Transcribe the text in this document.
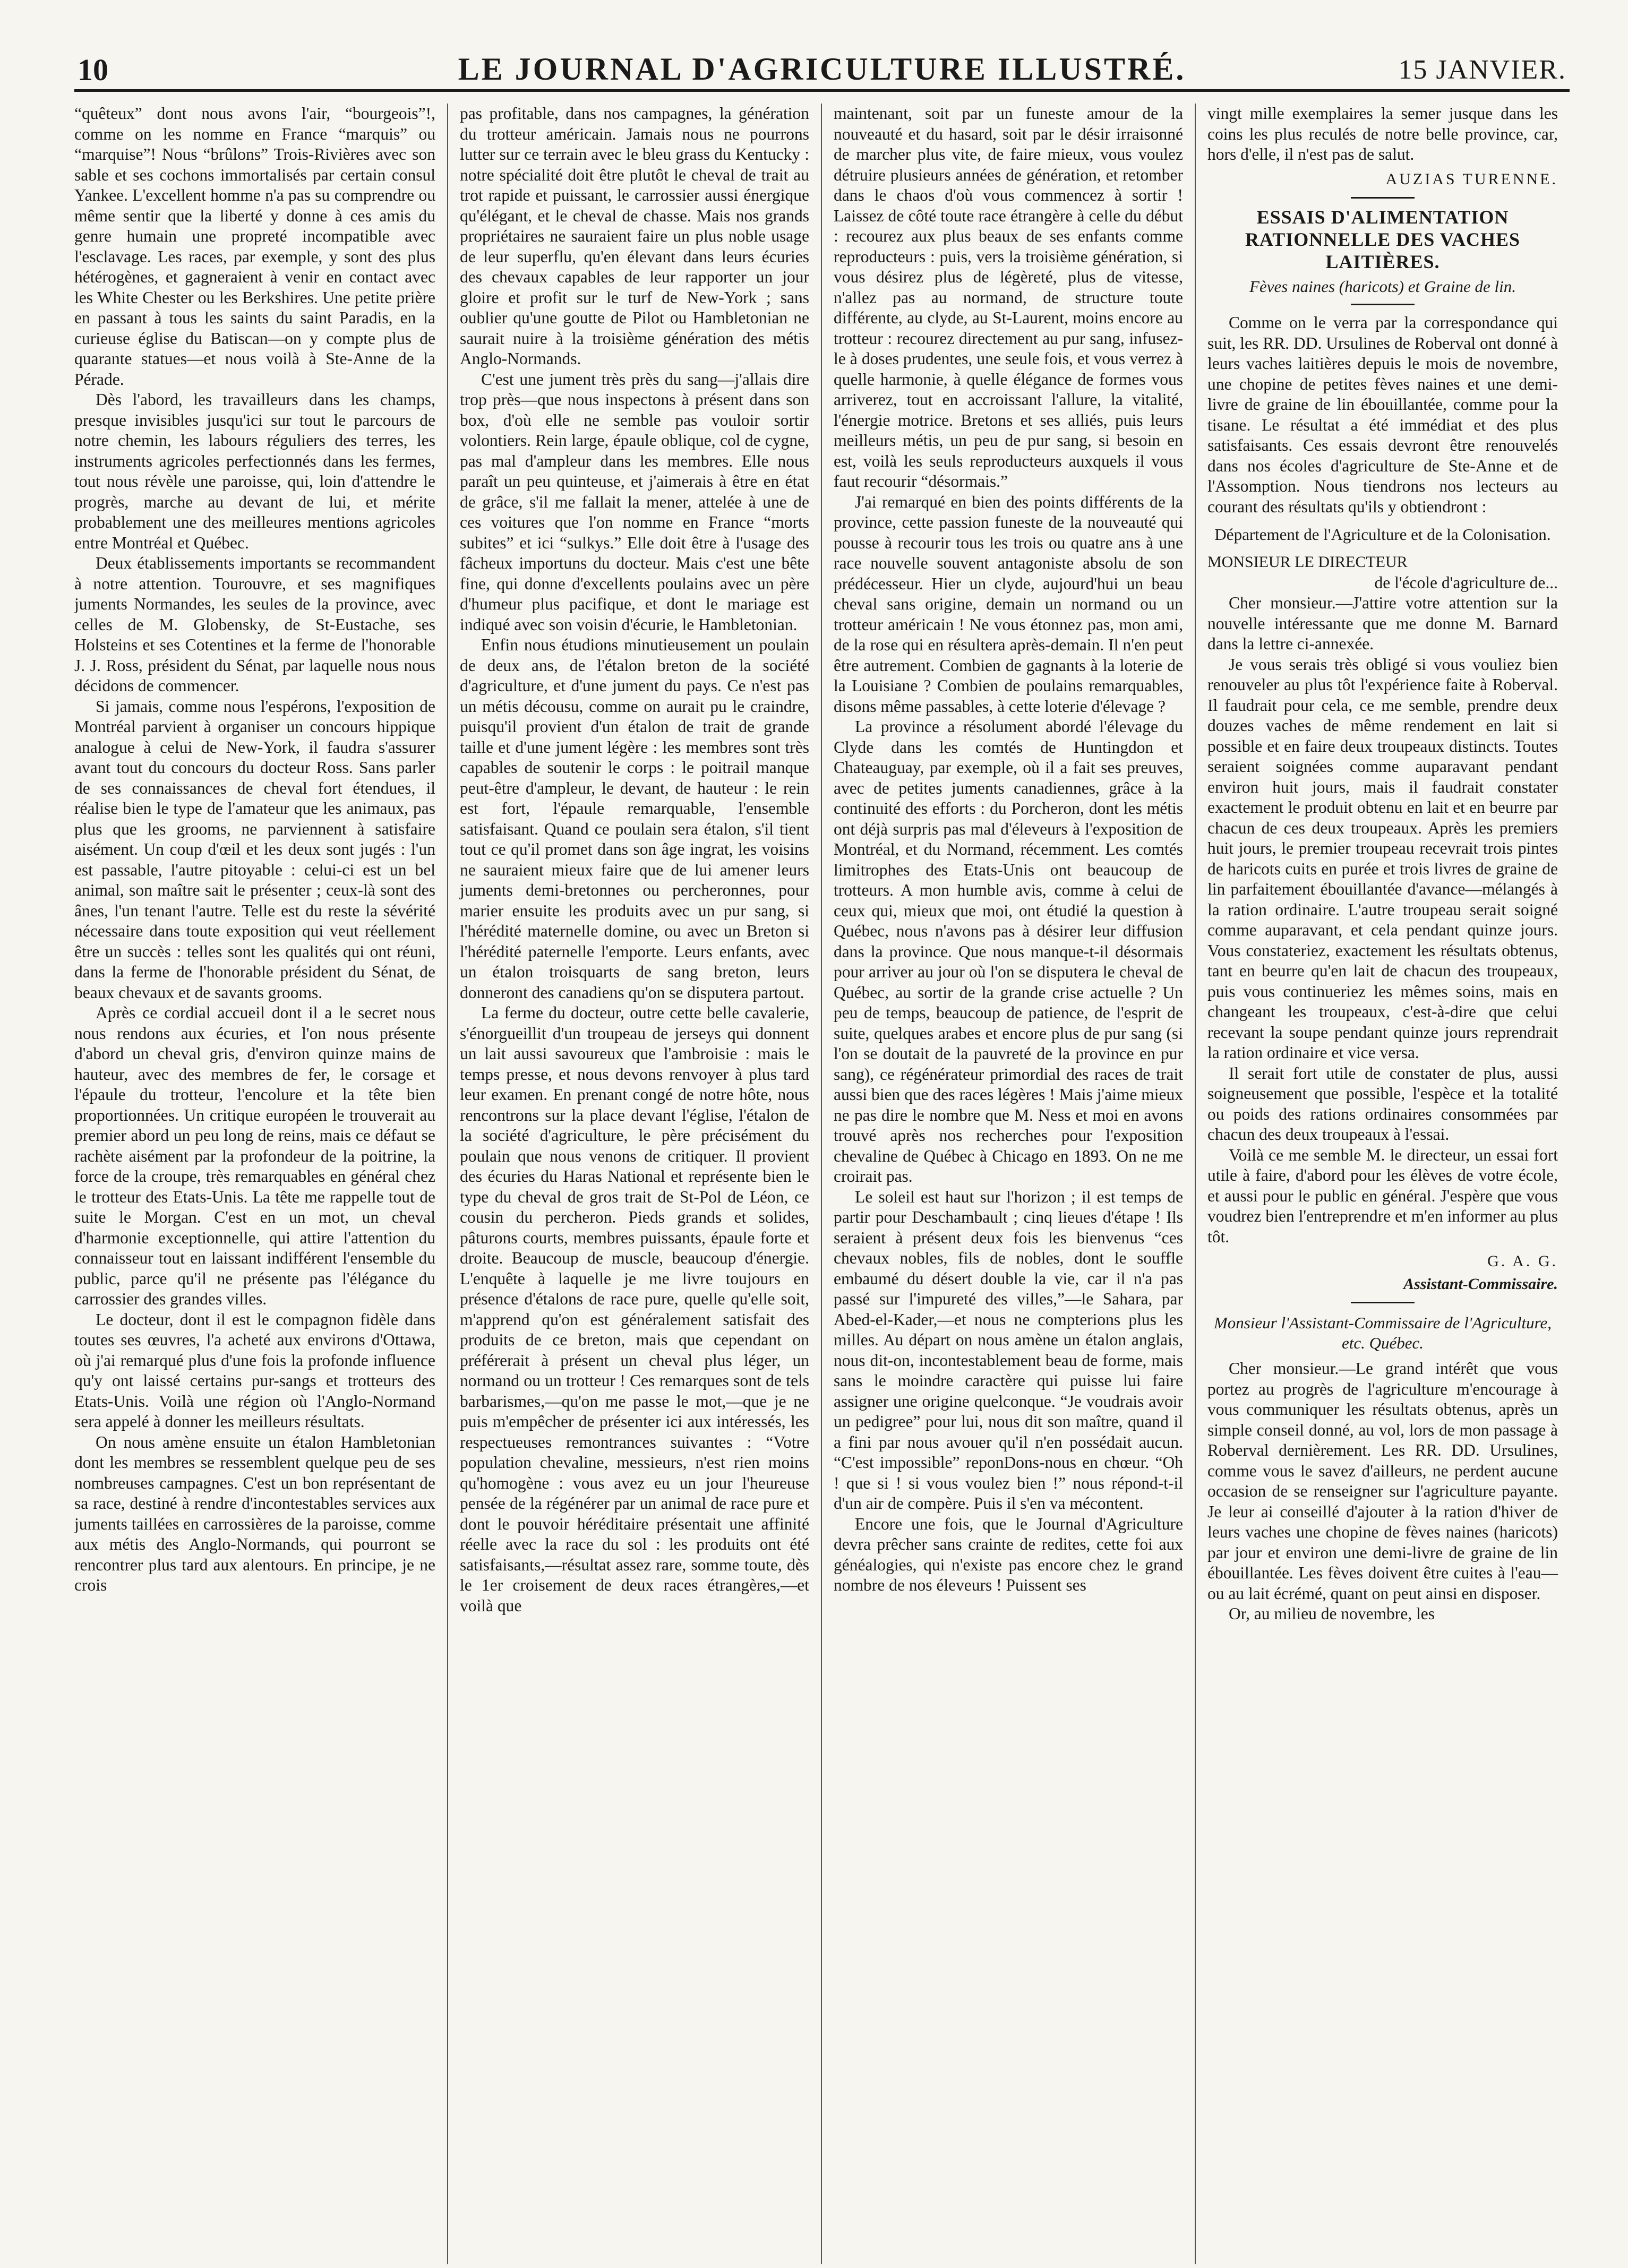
10	LE JOURNAL D'AGRICULTURE ILLUSTRÉ.	15 JANVIER.

“quêteux” dont nous avons l'air, “bourgeois”!, comme on les nomme en France “marquis” ou “marquise”! Nous “brûlons” Trois-Rivières avec son sable et ses cochons immortalisés par certain consul Yankee. L'excellent homme n'a pas su comprendre ou même sentir que la liberté y donne à ces amis du genre humain une propreté incompatible avec l'esclavage. Les races, par exemple, y sont des plus hétérogènes, et gagneraient à venir en contact avec les White Chester ou les Berkshires. Une petite prière en passant à tous les saints du saint Paradis, en la curieuse église du Batiscan—on y compte plus de quarante statues—et nous voilà à Ste-Anne de la Pérade.

Dès l'abord, les travailleurs dans les champs, presque invisibles jusqu'ici sur tout le parcours de notre chemin, les labours réguliers des terres, les instruments agricoles perfectionnés dans les fermes, tout nous révèle une paroisse, qui, loin d'attendre le progrès, marche au devant de lui, et mérite probablement une des meilleures mentions agricoles entre Montréal et Québec.

Deux établissements importants se recommandent à notre attention. Tourouvre, et ses magnifiques juments Normandes, les seules de la province, avec celles de M. Globensky, de St-Eustache, ses Holsteins et ses Cotentines et la ferme de l'honorable J. J. Ross, président du Sénat, par laquelle nous nous décidons de commencer.

Si jamais, comme nous l'espérons, l'exposition de Montréal parvient à organiser un concours hippique analogue à celui de New-York, il faudra s'assurer avant tout du concours du docteur Ross. Sans parler de ses connaissances de cheval fort étendues, il réalise bien le type de l'amateur que les animaux, pas plus que les grooms, ne parviennent à satisfaire aisément. Un coup d'œil et les deux sont jugés : l'un est passable, l'autre pitoyable : celui-ci est un bel animal, son maître sait le présenter ; ceux-là sont des ânes, l'un tenant l'autre. Telle est du reste la sévérité nécessaire dans toute exposition qui veut réellement être un succès : telles sont les qualités qui ont réuni, dans la ferme de l'honorable président du Sénat, de beaux chevaux et de savants grooms.

Après ce cordial accueil dont il a le secret nous nous rendons aux écuries, et l'on nous présente d'abord un cheval gris, d'environ quinze mains de hauteur, avec des membres de fer, le corsage et l'épaule du trotteur, l'encolure et la tête bien proportionnées. Un critique européen le trouverait au premier abord un peu long de reins, mais ce défaut se rachète aisément par la profondeur de la poitrine, la force de la croupe, très remarquables en général chez le trotteur des Etats-Unis. La tête me rappelle tout de suite le Morgan. C'est en un mot, un cheval d'harmonie exceptionnelle, qui attire l'attention du connaisseur tout en laissant indifférent l'ensemble du public, parce qu'il ne présente pas l'élégance du carrossier des grandes villes.

Le docteur, dont il est le compagnon fidèle dans toutes ses œuvres, l'a acheté aux environs d'Ottawa, où j'ai remarqué plus d'une fois la profonde influence qu'y ont laissé certains pur-sangs et trotteurs des Etats-Unis. Voilà une région où l'Anglo-Normand sera appelé à donner les meilleurs résultats.

On nous amène ensuite un étalon Hambletonian dont les membres se ressemblent quelque peu de ses nombreuses campagnes. C'est un bon représentant de sa race, destiné à rendre d'incontestables services aux juments taillées en carrossières de la paroisse, comme aux métis des Anglo-Normands, qui pourront se rencontrer plus tard aux alentours. En principe, je ne crois

pas profitable, dans nos campagnes, la génération du trotteur américain. Jamais nous ne pourrons lutter sur ce terrain avec le bleu grass du Kentucky : notre spécialité doit être plutôt le cheval de trait au trot rapide et puissant, le carrossier aussi énergique qu'élégant, et le cheval de chasse. Mais nos grands propriétaires ne sauraient faire un plus noble usage de leur superflu, qu'en élevant dans leurs écuries des chevaux capables de leur rapporter un jour gloire et profit sur le turf de New-York ; sans oublier qu'une goutte de Pilot ou Hambletonian ne saurait nuire à la troisième génération des métis Anglo-Normands.

C'est une jument très près du sang—j'allais dire trop près—que nous inspectons à présent dans son box, d'où elle ne semble pas vouloir sortir volontiers. Rein large, épaule oblique, col de cygne, pas mal d'ampleur dans les membres. Elle nous paraît un peu quinteuse, et j'aimerais à être en état de grâce, s'il me fallait la mener, attelée à une de ces voitures que l'on nomme en France “morts subites” et ici “sulkys.” Elle doit être à l'usage des fâcheux importuns du docteur. Mais c'est une bête fine, qui donne d'excellents poulains avec un père d'humeur plus pacifique, et dont le mariage est indiqué avec son voisin d'écurie, le Hambletonian.

Enfin nous étudions minutieusement un poulain de deux ans, de l'étalon breton de la société d'agriculture, et d'une jument du pays. Ce n'est pas un métis décousu, comme on aurait pu le craindre, puisqu'il provient d'un étalon de trait de grande taille et d'une jument légère : les membres sont très capables de soutenir le corps : le poitrail manque peut-être d'ampleur, le devant, de hauteur : le rein est fort, l'épaule remarquable, l'ensemble satisfaisant. Quand ce poulain sera étalon, s'il tient tout ce qu'il promet dans son âge ingrat, les voisins ne sauraient mieux faire que de lui amener leurs juments demi-bretonnes ou percheronnes, pour marier ensuite les produits avec un pur sang, si l'hérédité maternelle domine, ou avec un Breton si l'hérédité paternelle l'emporte. Leurs enfants, avec un étalon troisquarts de sang breton, leurs donneront des canadiens qu'on se disputera partout.

La ferme du docteur, outre cette belle cavalerie, s'énorgueillit d'un troupeau de jerseys qui donnent un lait aussi savoureux que l'ambroisie : mais le temps presse, et nous devons renvoyer à plus tard leur examen. En prenant congé de notre hôte, nous rencontrons sur la place devant l'église, l'étalon de la société d'agriculture, le père précisément du poulain que nous venons de critiquer. Il provient des écuries du Haras National et représente bien le type du cheval de gros trait de St-Pol de Léon, ce cousin du percheron. Pieds grands et solides, pâturons courts, membres puissants, épaule forte et droite. Beaucoup de muscle, beaucoup d'énergie. L'enquête à laquelle je me livre toujours en présence d'étalons de race pure, quelle qu'elle soit, m'apprend qu'on est généralement satisfait des produits de ce breton, mais que cependant on préférerait à présent un cheval plus léger, un normand ou un trotteur ! Ces remarques sont de tels barbarismes,—qu'on me passe le mot,—que je ne puis m'empêcher de présenter ici aux intéressés, les respectueuses remontrances suivantes : “Votre population chevaline, messieurs, n'est rien moins qu'homogène : vous avez eu un jour l'heureuse pensée de la régénérer par un animal de race pure et dont le pouvoir héréditaire présentait une affinité réelle avec la race du sol : les produits ont été satisfaisants,—résultat assez rare, somme toute, dès le 1er croisement de deux races étrangères,—et voilà que

maintenant, soit par un funeste amour de la nouveauté et du hasard, soit par le désir irraisonné de marcher plus vite, de faire mieux, vous voulez détruire plusieurs années de génération, et retomber dans le chaos d'où vous commencez à sortir ! Laissez de côté toute race étrangère à celle du début : recourez aux plus beaux de ses enfants comme reproducteurs : puis, vers la troisième génération, si vous désirez plus de légèreté, plus de vitesse, n'allez pas au normand, de structure toute différente, au clyde, au St-Laurent, moins encore au trotteur : recourez directement au pur sang, infusez-le à doses prudentes, une seule fois, et vous verrez à quelle harmonie, à quelle élégance de formes vous arriverez, tout en accroissant l'allure, la vitalité, l'énergie motrice. Bretons et ses alliés, puis leurs meilleurs métis, un peu de pur sang, si besoin en est, voilà les seuls reproducteurs auxquels il vous faut recourir “désormais.”

J'ai remarqué en bien des points différents de la province, cette passion funeste de la nouveauté qui pousse à recourir tous les trois ou quatre ans à une race nouvelle souvent antagoniste absolu de son prédécesseur. Hier un clyde, aujourd'hui un beau cheval sans origine, demain un normand ou un trotteur américain ! Ne vous étonnez pas, mon ami, de la rose qui en résultera après-demain. Il n'en peut être autrement. Combien de gagnants à la loterie de la Louisiane ? Combien de poulains remarquables, disons même passables, à cette loterie d'élevage ?

La province a résolument abordé l'élevage du Clyde dans les comtés de Huntingdon et Chateauguay, par exemple, où il a fait ses preuves, avec de petites juments canadiennes, grâce à la continuité des efforts : du Porcheron, dont les métis ont déjà surpris pas mal d'éleveurs à l'exposition de Montréal, et du Normand, récemment. Les comtés limitrophes des Etats-Unis ont beaucoup de trotteurs. A mon humble avis, comme à celui de ceux qui, mieux que moi, ont étudié la question à Québec, nous n'avons pas à désirer leur diffusion dans la province. Que nous manque-t-il désormais pour arriver au jour où l'on se disputera le cheval de Québec, au sortir de la grande crise actuelle ? Un peu de temps, beaucoup de patience, de l'esprit de suite, quelques arabes et encore plus de pur sang (si l'on se doutait de la pauvreté de la province en pur sang), ce régénérateur primordial des races de trait aussi bien que des races légères ! Mais j'aime mieux ne pas dire le nombre que M. Ness et moi en avons trouvé après nos recherches pour l'exposition chevaline de Québec à Chicago en 1893. On ne me croirait pas.

Le soleil est haut sur l'horizon ; il est temps de partir pour Deschambault ; cinq lieues d'étape ! Ils seraient à présent deux fois les bienvenus “ces chevaux nobles, fils de nobles, dont le souffle embaumé du désert double la vie, car il n'a pas passé sur l'impureté des villes,”—le Sahara, par Abed-el-Kader,—et nous ne compterions plus les milles. Au départ on nous amène un étalon anglais, nous dit-on, incontestablement beau de forme, mais sans le moindre caractère qui puisse lui faire assigner une origine quelconque. “Je voudrais avoir un pedigree” pour lui, nous dit son maître, quand il a fini par nous avouer qu'il n'en possédait aucun. “C'est impossible” reponDons-nous en chœur. “Oh ! que si ! si vous voulez bien !” nous répond-t-il d'un air de compère. Puis il s'en va mécontent.

Encore une fois, que le Journal d'Agriculture devra prêcher sans crainte de redites, cette foi aux généalogies, qui n'existe pas encore chez le grand nombre de nos éleveurs ! Puissent ses

vingt mille exemplaires la semer jusque dans les coins les plus reculés de notre belle province, car, hors d'elle, il n'est pas de salut.

AUZIAS TURENNE.

ESSAIS D'ALIMENTATION RATIONNELLE DES VACHES LAITIÈRES.
Fèves naines (haricots) et Graine de lin.

Comme on le verra par la correspondance qui suit, les RR. DD. Ursulines de Roberval ont donné à leurs vaches laitières depuis le mois de novembre, une chopine de petites fèves naines et une demi-livre de graine de lin ébouillantée, comme pour la tisane. Le résultat a été immédiat et des plus satisfaisants. Ces essais devront être renouvelés dans nos écoles d'agriculture de Ste-Anne et de l'Assomption. Nous tiendrons nos lecteurs au courant des résultats qu'ils y obtiendront :

Département de l'Agriculture et de la Colonisation.

MONSIEUR LE DIRECTEUR

de l'école d'agriculture de...

Cher monsieur.—J'attire votre attention sur la nouvelle intéressante que me donne M. Barnard dans la lettre ci-annexée.

Je vous serais très obligé si vous vouliez bien renouveler au plus tôt l'expérience faite à Roberval. Il faudrait pour cela, ce me semble, prendre deux douzes vaches de même rendement en lait si possible et en faire deux troupeaux distincts. Toutes seraient soignées comme auparavant pendant environ huit jours, mais il faudrait constater exactement le produit obtenu en lait et en beurre par chacun de ces deux troupeaux. Après les premiers huit jours, le premier troupeau recevrait trois pintes de haricots cuits en purée et trois livres de graine de lin parfaitement ébouillantée d'avance—mélangés à la ration ordinaire. L'autre troupeau serait soigné comme auparavant, et cela pendant quinze jours. Vous constateriez, exactement les résultats obtenus, tant en beurre qu'en lait de chacun des troupeaux, puis vous continueriez les mêmes soins, mais en changeant les troupeaux, c'est-à-dire que celui recevant la soupe pendant quinze jours reprendrait la ration ordinaire et vice versa.

Il serait fort utile de constater de plus, aussi soigneusement que possible, l'espèce et la totalité ou poids des rations ordinaires consommées par chacun des deux troupeaux à l'essai.

Voilà ce me semble M. le directeur, un essai fort utile à faire, d'abord pour les élèves de votre école, et aussi pour le public en général. J'espère que vous voudrez bien l'entreprendre et m'en informer au plus tôt.

G. A. G.

Assistant-Commissaire.

Monsieur l'Assistant-Commissaire de l'Agriculture, etc. Québec.

Cher monsieur.—Le grand intérêt que vous portez au progrès de l'agriculture m'encourage à vous communiquer les résultats obtenus, après un simple conseil donné, au vol, lors de mon passage à Roberval dernièrement. Les RR. DD. Ursulines, comme vous le savez d'ailleurs, ne perdent aucune occasion de se renseigner sur l'agriculture payante. Je leur ai conseillé d'ajouter à la ration d'hiver de leurs vaches une chopine de fèves naines (haricots) par jour et environ une demi-livre de graine de lin ébouillantée. Les fèves doivent être cuites à l'eau—ou au lait écrémé, quant on peut ainsi en disposer.

Or, au milieu de novembre, les
